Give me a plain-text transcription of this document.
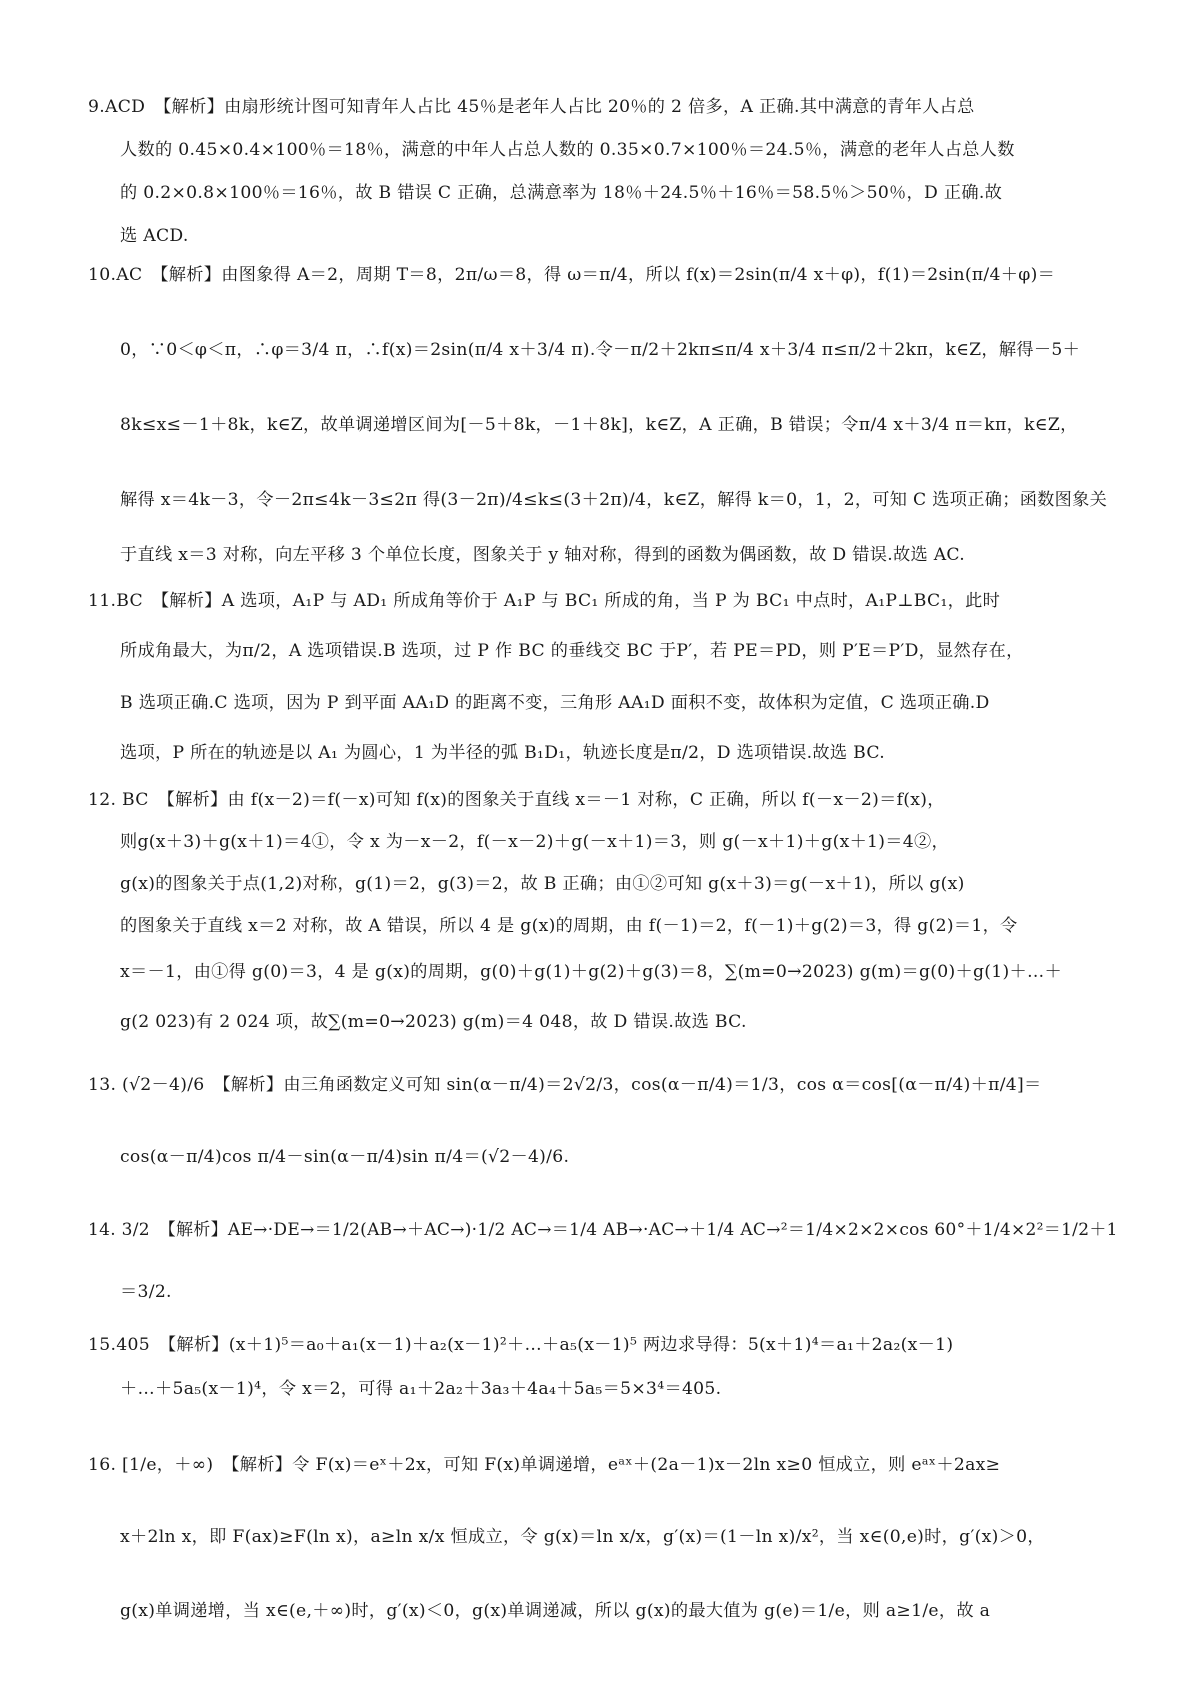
9.ACD　【解析】由扇形统计图可知青年人占比 45％是老年人占比 20％的 2 倍多，A 正确.其中满意的青年人占总
人数的 0.45×0.4×100％＝18％，满意的中年人占总人数的 0.35×0.7×100％＝24.5％，满意的老年人占总人数
的 0.2×0.8×100％＝16％，故 B 错误 C 正确，总满意率为 18％＋24.5％＋16％＝58.5％＞50％，D 正确.故
选 ACD.
10.AC　【解析】由图象得 A＝2，周期 T＝8，2π/ω＝8，得 ω＝π/4，所以 f(x)＝2sin(π/4 x＋φ)，f(1)＝2sin(π/4＋φ)＝
0，∵0＜φ＜π，∴φ＝3/4 π，∴f(x)＝2sin(π/4 x＋3/4 π).令－π/2＋2kπ≤π/4 x＋3/4 π≤π/2＋2kπ，k∈Z，解得－5＋
8k≤x≤－1＋8k，k∈Z，故单调递增区间为[－5＋8k，－1＋8k]，k∈Z，A 正确，B 错误；令π/4 x＋3/4 π＝kπ，k∈Z，
解得 x＝4k－3，令－2π≤4k－3≤2π 得(3－2π)/4≤k≤(3＋2π)/4，k∈Z，解得 k＝0，1，2，可知 C 选项正确；函数图象关
于直线 x＝3 对称，向左平移 3 个单位长度，图象关于 y 轴对称，得到的函数为偶函数，故 D 错误.故选 AC.
11.BC　【解析】A 选项，A₁P 与 AD₁ 所成角等价于 A₁P 与 BC₁ 所成的角，当 P 为 BC₁ 中点时，A₁P⊥BC₁，此时
所成角最大，为π/2，A 选项错误.B 选项，过 P 作 BC 的垂线交 BC 于P′，若 PE＝PD，则 P′E＝P′D，显然存在，
B 选项正确.C 选项，因为 P 到平面 AA₁D 的距离不变，三角形 AA₁D 面积不变，故体积为定值，C 选项正确.D
选项，P 所在的轨迹是以 A₁ 为圆心，1 为半径的弧 B₁D₁，轨迹长度是π/2，D 选项错误.故选 BC.
12. BC　【解析】由 f(x－2)＝f(－x)可知 f(x)的图象关于直线 x＝－1 对称，C 正确，所以 f(－x－2)＝f(x)，
则g(x＋3)＋g(x＋1)＝4①，令 x 为－x－2，f(－x－2)＋g(－x＋1)＝3，则 g(－x＋1)＋g(x＋1)＝4②，
g(x)的图象关于点(1,2)对称，g(1)＝2，g(3)＝2，故 B 正确；由①②可知 g(x＋3)＝g(－x＋1)，所以 g(x)
的图象关于直线 x＝2 对称，故 A 错误，所以 4 是 g(x)的周期，由 f(－1)＝2，f(－1)＋g(2)＝3，得 g(2)＝1，令
x＝－1，由①得 g(0)＝3，4 是 g(x)的周期，g(0)＋g(1)＋g(2)＋g(3)＝8，∑(m=0→2023) g(m)＝g(0)＋g(1)＋…＋
g(2 023)有 2 024 项，故∑(m=0→2023) g(m)＝4 048，故 D 错误.故选 BC.
13. (√2－4)/6　【解析】由三角函数定义可知 sin(α－π/4)＝2√2/3，cos(α－π/4)＝1/3，cos α＝cos[(α－π/4)＋π/4]＝
cos(α－π/4)cos π/4－sin(α－π/4)sin π/4＝(√2－4)/6.
14. 3/2　【解析】AE→·DE→＝1/2(AB→＋AC→)·1/2 AC→＝1/4 AB→·AC→＋1/4 AC→²＝1/4×2×2×cos 60°＋1/4×2²＝1/2＋1
＝3/2.
15.405　【解析】(x＋1)⁵＝a₀＋a₁(x－1)＋a₂(x－1)²＋…＋a₅(x－1)⁵ 两边求导得：5(x＋1)⁴＝a₁＋2a₂(x－1)
＋…＋5a₅(x－1)⁴，令 x＝2，可得 a₁＋2a₂＋3a₃＋4a₄＋5a₅＝5×3⁴＝405.
16. [1/e，＋∞)　【解析】令 F(x)＝eˣ＋2x，可知 F(x)单调递增，eᵃˣ＋(2a－1)x－2ln x≥0 恒成立，则 eᵃˣ＋2ax≥
x＋2ln x，即 F(ax)≥F(ln x)，a≥ln x/x 恒成立，令 g(x)＝ln x/x，g′(x)＝(1－ln x)/x²，当 x∈(0,e)时，g′(x)＞0，
g(x)单调递增，当 x∈(e,＋∞)时，g′(x)＜0，g(x)单调递减，所以 g(x)的最大值为 g(e)＝1/e，则 a≥1/e，故 a
